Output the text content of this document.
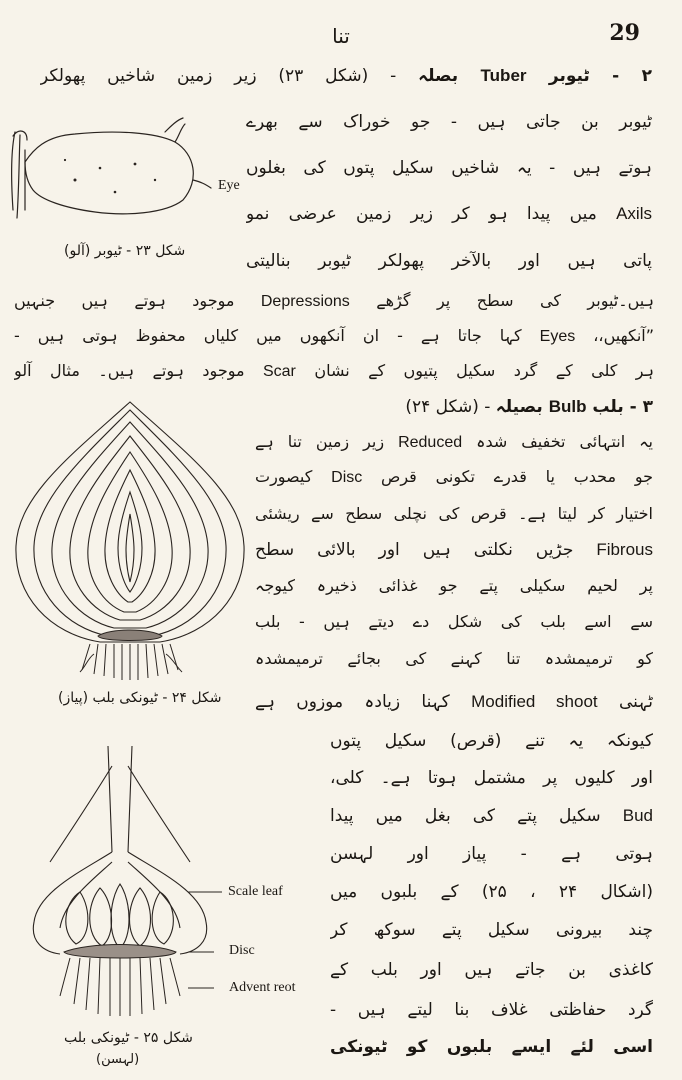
تنا	29
۲ - ٹیوبر Tuber بصلہ - (شکل ۲۳) زیر زمین شاخیں پھولکر
ٹیوبر بن جاتی ہیں - جو خوراک سے بھرے
ہوتے ہیں - یہ شاخیں سکیل پتوں کی بغلوں
Axils میں پیدا ہو کر زیر زمین عرضی نمو
پاتی ہیں اور بالآخر پھولکر ٹیوبر بنالیتی
ہیں۔ٹیوبر کی سطح پر گڑھے Depressions موجود ہوتے ہیں جنہیں
”آنکھیں،، Eyes کہا جاتا ہے - ان آنکھوں میں کلیاں محفوظ ہوتی ہیں -
ہر کلی کے گرد سکیل پتیوں کے نشان Scar موجود ہوتے ہیں۔ مثال آلو
۳ - بلب Bulb بصیلہ - (شکل ۲۴)
یہ انتہائی تخفیف شدہ Reduced زیر زمین تنا ہے
جو محدب یا قدرے تکونی قرص Disc کیصورت
اختیار کر لیتا ہے۔ قرص کی نچلی سطح سے ریشئی
Fibrous جڑیں نکلتی ہیں اور بالائی سطح
پر لحیم سکیلی پتے جو غذائی ذخیرہ کیوجہ
سے اسے بلب کی شکل دے دیتے ہیں - بلب
کو ترمیمشدہ تنا کہنے کی بجائے ترمیمشدہ
ٹہنی Modified shoot کہنا زیادہ موزوں ہے
کیونکہ یہ تنے (قرص) سکیل پتوں
اور کلیوں پر مشتمل ہوتا ہے۔ کلی،
Bud سکیل پتے کی بغل میں پیدا
ہوتی ہے - پیاز اور لہسن
(اشکال ۲۴ ، ۲۵) کے بلبوں میں
چند بیرونی سکیل پتے سوکھ کر
کاغذی بن جاتے ہیں اور بلب کے
گرد حفاظتی غلاف بنا لیتے ہیں -
اسی لئے ایسے بلبوں کو ٹیونکی
Eye
شکل ۲۳ - ٹیوبر (آلو)
شکل ۲۴ - ٹیونکی بلب (پیاز)
Scale leaf
Disc
Advent reot
شکل ۲۵ - ٹیونکی بلب
(لہسن)
